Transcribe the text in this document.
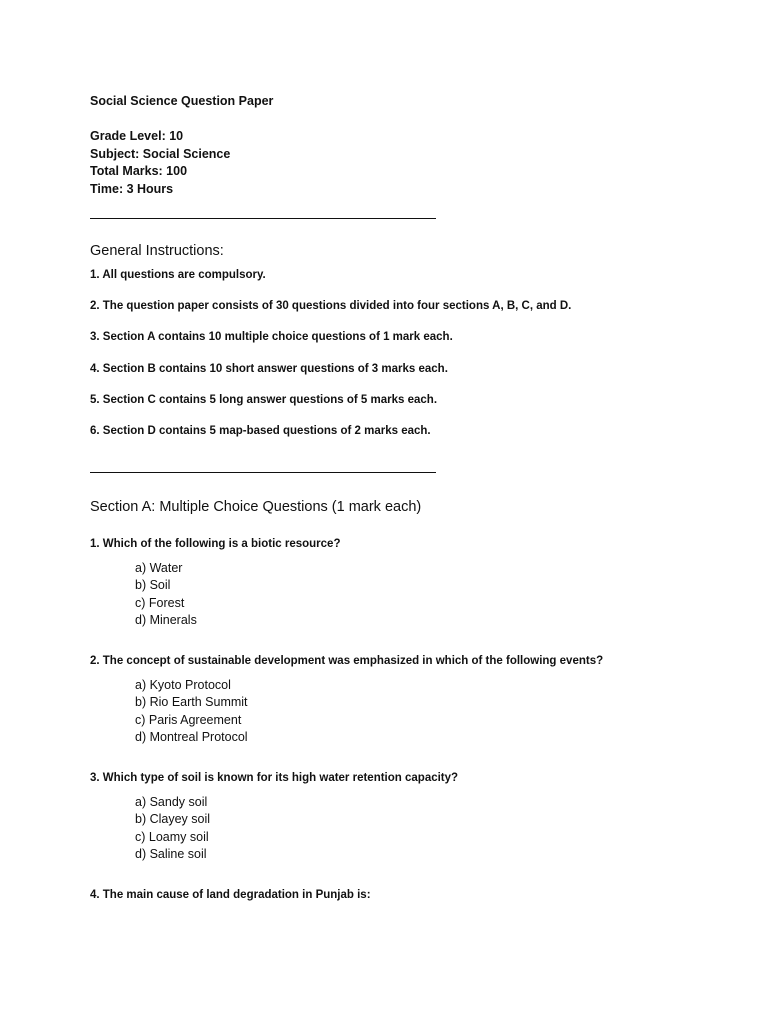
Social Science Question Paper

Grade Level: 10
Subject: Social Science
Total Marks: 100
Time: 3 Hours
General Instructions:

1. All questions are compulsory.

2. The question paper consists of 30 questions divided into four sections A, B, C, and D.

3. Section A contains 10 multiple choice questions of 1 mark each.

4. Section B contains 10 short answer questions of 3 marks each.

5. Section C contains 5 long answer questions of 5 marks each.

6. Section D contains 5 map-based questions of 2 marks each.

Section A: Multiple Choice Questions (1 mark each)

1. Which of the following is a biotic resource?

a) Water
b) Soil
c) Forest
d) Minerals

2. The concept of sustainable development was emphasized in which of the following events?

a) Kyoto Protocol
b) Rio Earth Summit
c) Paris Agreement
d) Montreal Protocol

3. Which type of soil is known for its high water retention capacity?

a) Sandy soil
b) Clayey soil
c) Loamy soil
d) Saline soil

4. The main cause of land degradation in Punjab is:
